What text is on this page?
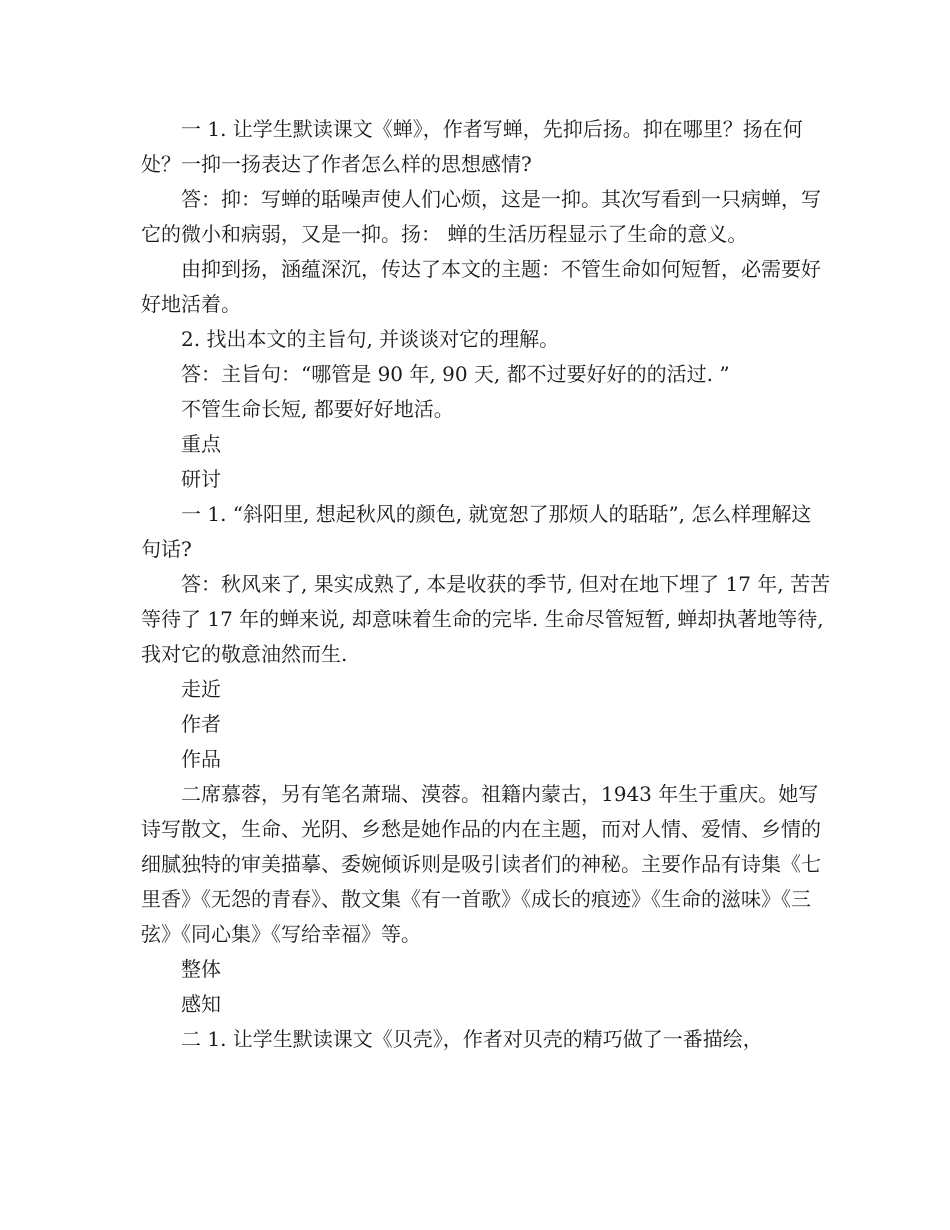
一 1. 让学生默读课文《蝉》，作者写蝉，先抑后扬。抑在哪里？扬在何处？一抑一扬表达了作者怎么样的思想感情?

答：抑：写蝉的聒噪声使人们心烦，这是一抑。其次写看到一只病蝉，写它的微小和病弱，又是一抑。扬： 蝉的生活历程显示了生命的意义。

由抑到扬，涵蕴深沉，传达了本文的主题：不管生命如何短暂，必需要好好地活着。

2. 找出本文的主旨句, 并谈谈对它的理解。

答：主旨句：“哪管是 90 年, 90 天, 都不过要好好的的活过. ”

不管生命长短, 都要好好地活。

重点

研讨

一 1. “斜阳里, 想起秋风的颜色, 就宽恕了那烦人的聒聒”, 怎么样理解这句话?

答：秋风来了, 果实成熟了, 本是收获的季节, 但对在地下埋了 17 年, 苦苦等待了 17 年的蝉来说, 却意味着生命的完毕. 生命尽管短暂, 蝉却执著地等待, 我对它的敬意油然而生.

走近

作者

作品

二席慕蓉，另有笔名萧瑞、漠蓉。祖籍内蒙古，1943 年生于重庆。她写诗写散文，生命、光阴、乡愁是她作品的内在主题，而对人情、爱情、乡情的细腻独特的审美描摹、委婉倾诉则是吸引读者们的神秘。主要作品有诗集《七里香》《无怨的青春》、散文集《有一首歌》《成长的痕迹》《生命的滋味》《三弦》《同心集》《写给幸福》等。

整体

感知

二 1. 让学生默读课文《贝壳》，作者对贝壳的精巧做了一番描绘，
